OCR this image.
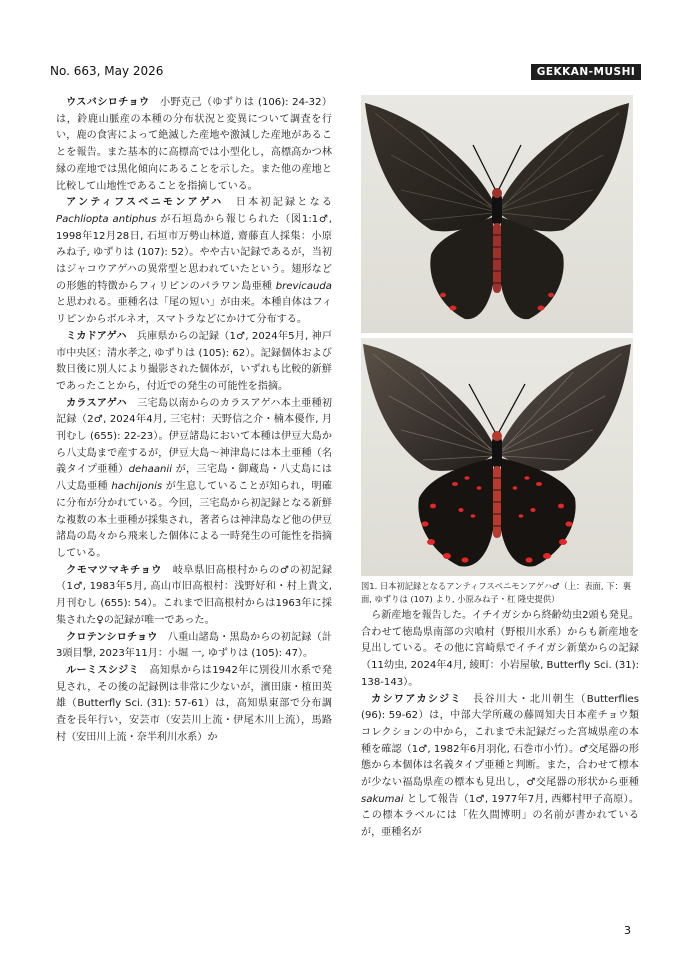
No. 663, May 2026	GEKKAN-MUSHI

ウスバシロチョウ　小野克己（ゆずりは (106): 24-32）は，鈴鹿山脈産の本種の分布状況と変異について調査を行い，鹿の食害によって絶滅した産地や激減した産地があることを報告。また基本的に高標高では小型化し，高標高かつ林縁の産地では黒化傾向にあることを示した。また他の産地と比較して山地性であることを指摘している。

アンティフスベニモンアゲハ　日本初記録となる Pachliopta antiphus が石垣島から報じられた（図1:1♂, 1998年12月28日, 石垣市万勢山林道, 齋藤直人採集：小原みね子, ゆずりは (107): 52）。やや古い記録であるが，当初はジャコウアゲハの異常型と思われていたという。翅形などの形態的特徴からフィリピンのパラワン島亜種 brevicauda と思われる。亜種名は「尾の短い」が由来。本種自体はフィリピンからボルネオ，スマトラなどにかけて分布する。

ミカドアゲハ　兵庫県からの記録（1♂, 2024年5月, 神戸市中央区：清水孝之, ゆずりは (105): 62）。記録個体および数日後に別人により撮影された個体が，いずれも比較的新鮮であったことから，付近での発生の可能性を指摘。

カラスアゲハ　三宅島以南からのカラスアゲハ本土亜種初記録（2♂, 2024年4月, 三宅村：天野信之介・楠本優作, 月刊むし (655): 22-23）。伊豆諸島において本種は伊豆大島から八丈島まで産するが，伊豆大島〜神津島には本土亜種（名義タイプ亜種）dehaanii が，三宅島・御蔵島・八丈島には八丈島亜種 hachijonis が生息していることが知られ，明確に分布が分かれている。今回，三宅島から初記録となる新鮮な複数の本土亜種が採集され，著者らは神津島など他の伊豆諸島の島々から飛来した個体による一時発生の可能性を指摘している。

クモマツマキチョウ　岐阜県旧高根村からの♂の初記録（1♂, 1983年5月, 高山市旧高根村：浅野好和・村上貴文, 月刊むし (655): 54）。これまで旧高根村からは1963年に採集された♀の記録が唯一であった。

クロテンシロチョウ　八重山諸島・黒島からの初記録（計3頭目撃, 2023年11月：小堀 一, ゆずりは (105): 47）。

ルーミスシジミ　高知県からは1942年に別役川水系で発見され，その後の記録例は非常に少ないが，濱田康・植田英雄（Butterfly Sci. (31): 57-61）は，高知県東部で分布調査を長年行い，安芸市（安芸川上流・伊尾木川上流），馬路村（安田川上流・奈半利川水系）か

図1. 日本初記録となるアンティフスベニモンアゲハ♂（上：表面, 下：裏面, ゆずりは (107) より, 小原みね子・杠 隆史提供）

ら新産地を報告した。イチイガシから終齢幼虫2頭も発見。合わせて徳島県南部の宍喰村（野根川水系）からも新産地を見出している。その他に宮崎県でイチイガシ新葉からの記録（11幼虫, 2024年4月, 綾町：小岩屋敏, Butterfly Sci. (31): 138-143）。

カシワアカシジミ　長谷川大・北川朝生（Butterflies (96): 59-62）は，中部大学所蔵の藤岡知夫日本産チョウ類コレクションの中から，これまで未記録だった宮城県産の本種を確認（1♂, 1982年6月羽化, 石巻市小竹）。♂交尾器の形態から本個体は名義タイプ亜種と判断。また，合わせて標本が少ない福島県産の標本も見出し，♂交尾器の形状から亜種 sakumai として報告（1♂, 1977年7月, 西郷村甲子高原）。この標本ラベルには「佐久間博明」の名前が書かれているが，亜種名が

3
